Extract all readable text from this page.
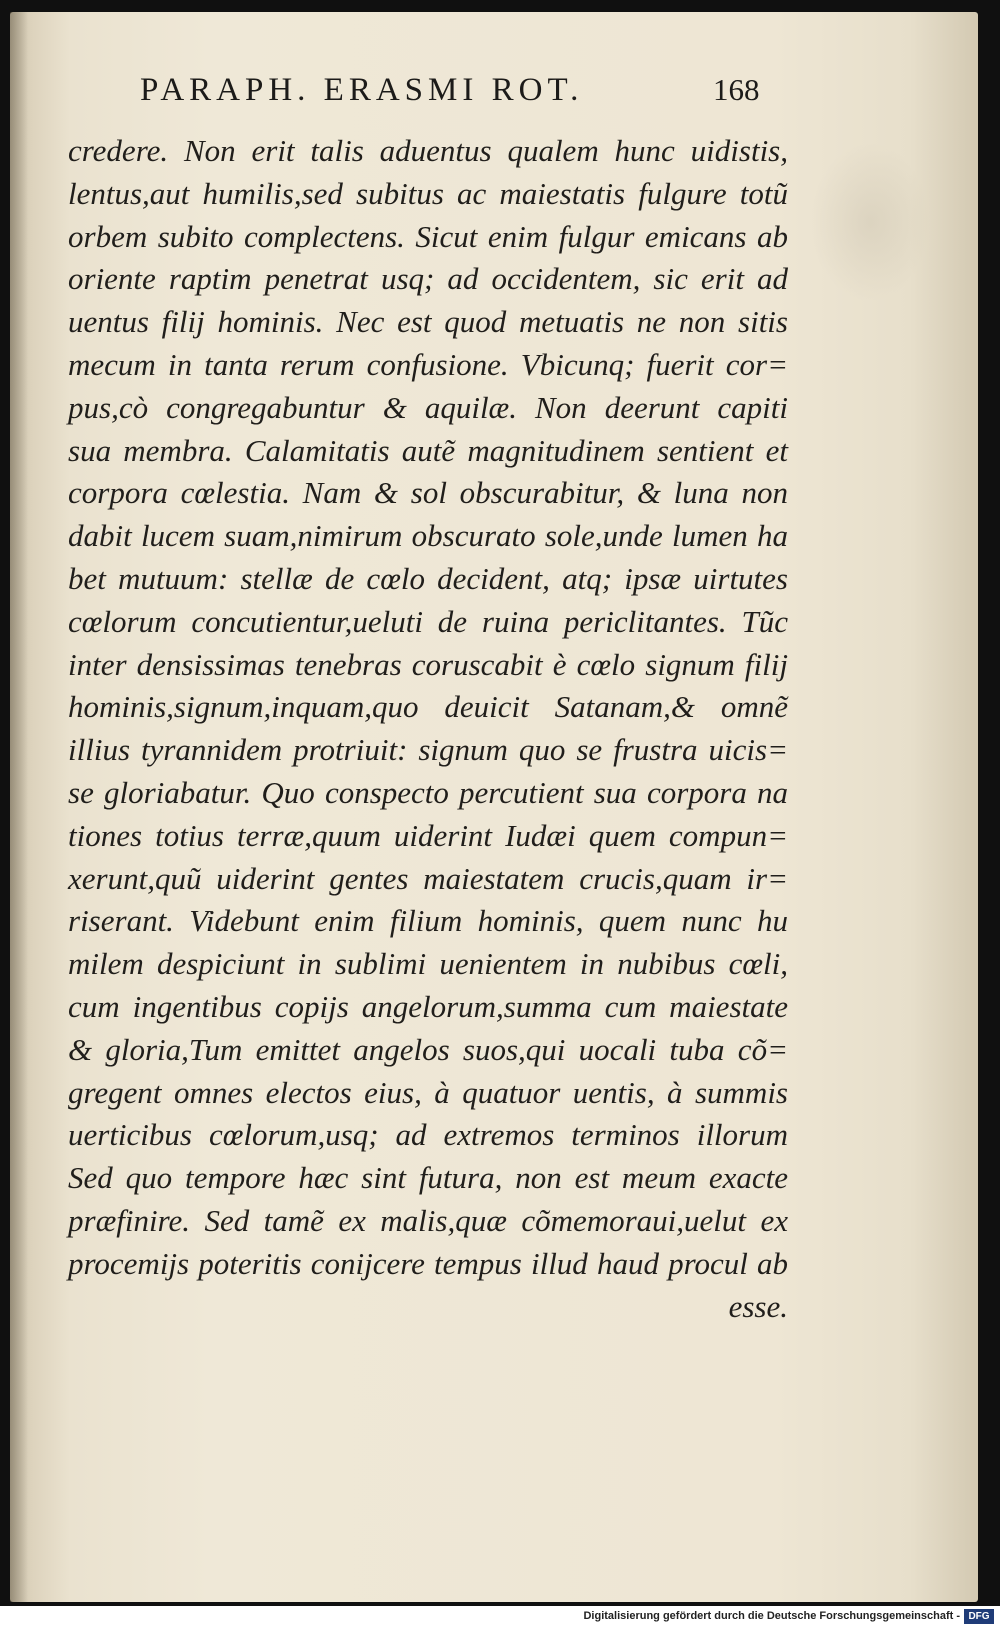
PARAPH. ERASMI ROT.	168
credere. Non erit talis aduentus qualem hunc uidistis,
lentus,aut humilis,sed subitus ac maiestatis fulgure totũ
orbem subito complectens. Sicut enim fulgur emicans ab
oriente raptim penetrat usq; ad occidentem, sic erit ad
uentus filij hominis. Nec est quod metuatis ne non sitis
mecum in tanta rerum confusione. Vbicunq; fuerit cor=
pus,cò congregabuntur & aquilæ. Non deerunt capiti
sua membra. Calamitatis autẽ magnitudinem sentient et
corpora cœlestia. Nam & sol obscurabitur, & luna non
dabit lucem suam,nimirum obscurato sole,unde lumen ha
bet mutuum: stellæ de cœlo decident, atq; ipsæ uirtutes
cœlorum concutientur,ueluti de ruina periclitantes. Tũc
inter densissimas tenebras coruscabit è cœlo signum filij
hominis,signum,inquam,quo deuicit Satanam,& omnẽ
illius tyrannidem protriuit: signum quo se frustra uicis=
se gloriabatur. Quo conspecto percutient sua corpora na
tiones totius terræ,quum uiderint Iudæi quem compun=
xerunt,quũ uiderint gentes maiestatem crucis,quam ir=
riserant. Videbunt enim filium hominis, quem nunc hu
milem despiciunt in sublimi uenientem in nubibus cœli,
cum ingentibus copijs angelorum,summa cum maiestate
& gloria,Tum emittet angelos suos,qui uocali tuba cõ=
gregent omnes electos eius, à quatuor uentis, à summis
uerticibus cœlorum,usq; ad extremos terminos illorum
Sed quo tempore hæc sint futura, non est meum exacte
præfinire. Sed tamẽ ex malis,quæ cõmemoraui,uelut ex
procemijs poteritis conijcere tempus illud haud procul ab
esse.
Digitalisierung gefördert durch die Deutsche Forschungsgemeinschaft - DFG
